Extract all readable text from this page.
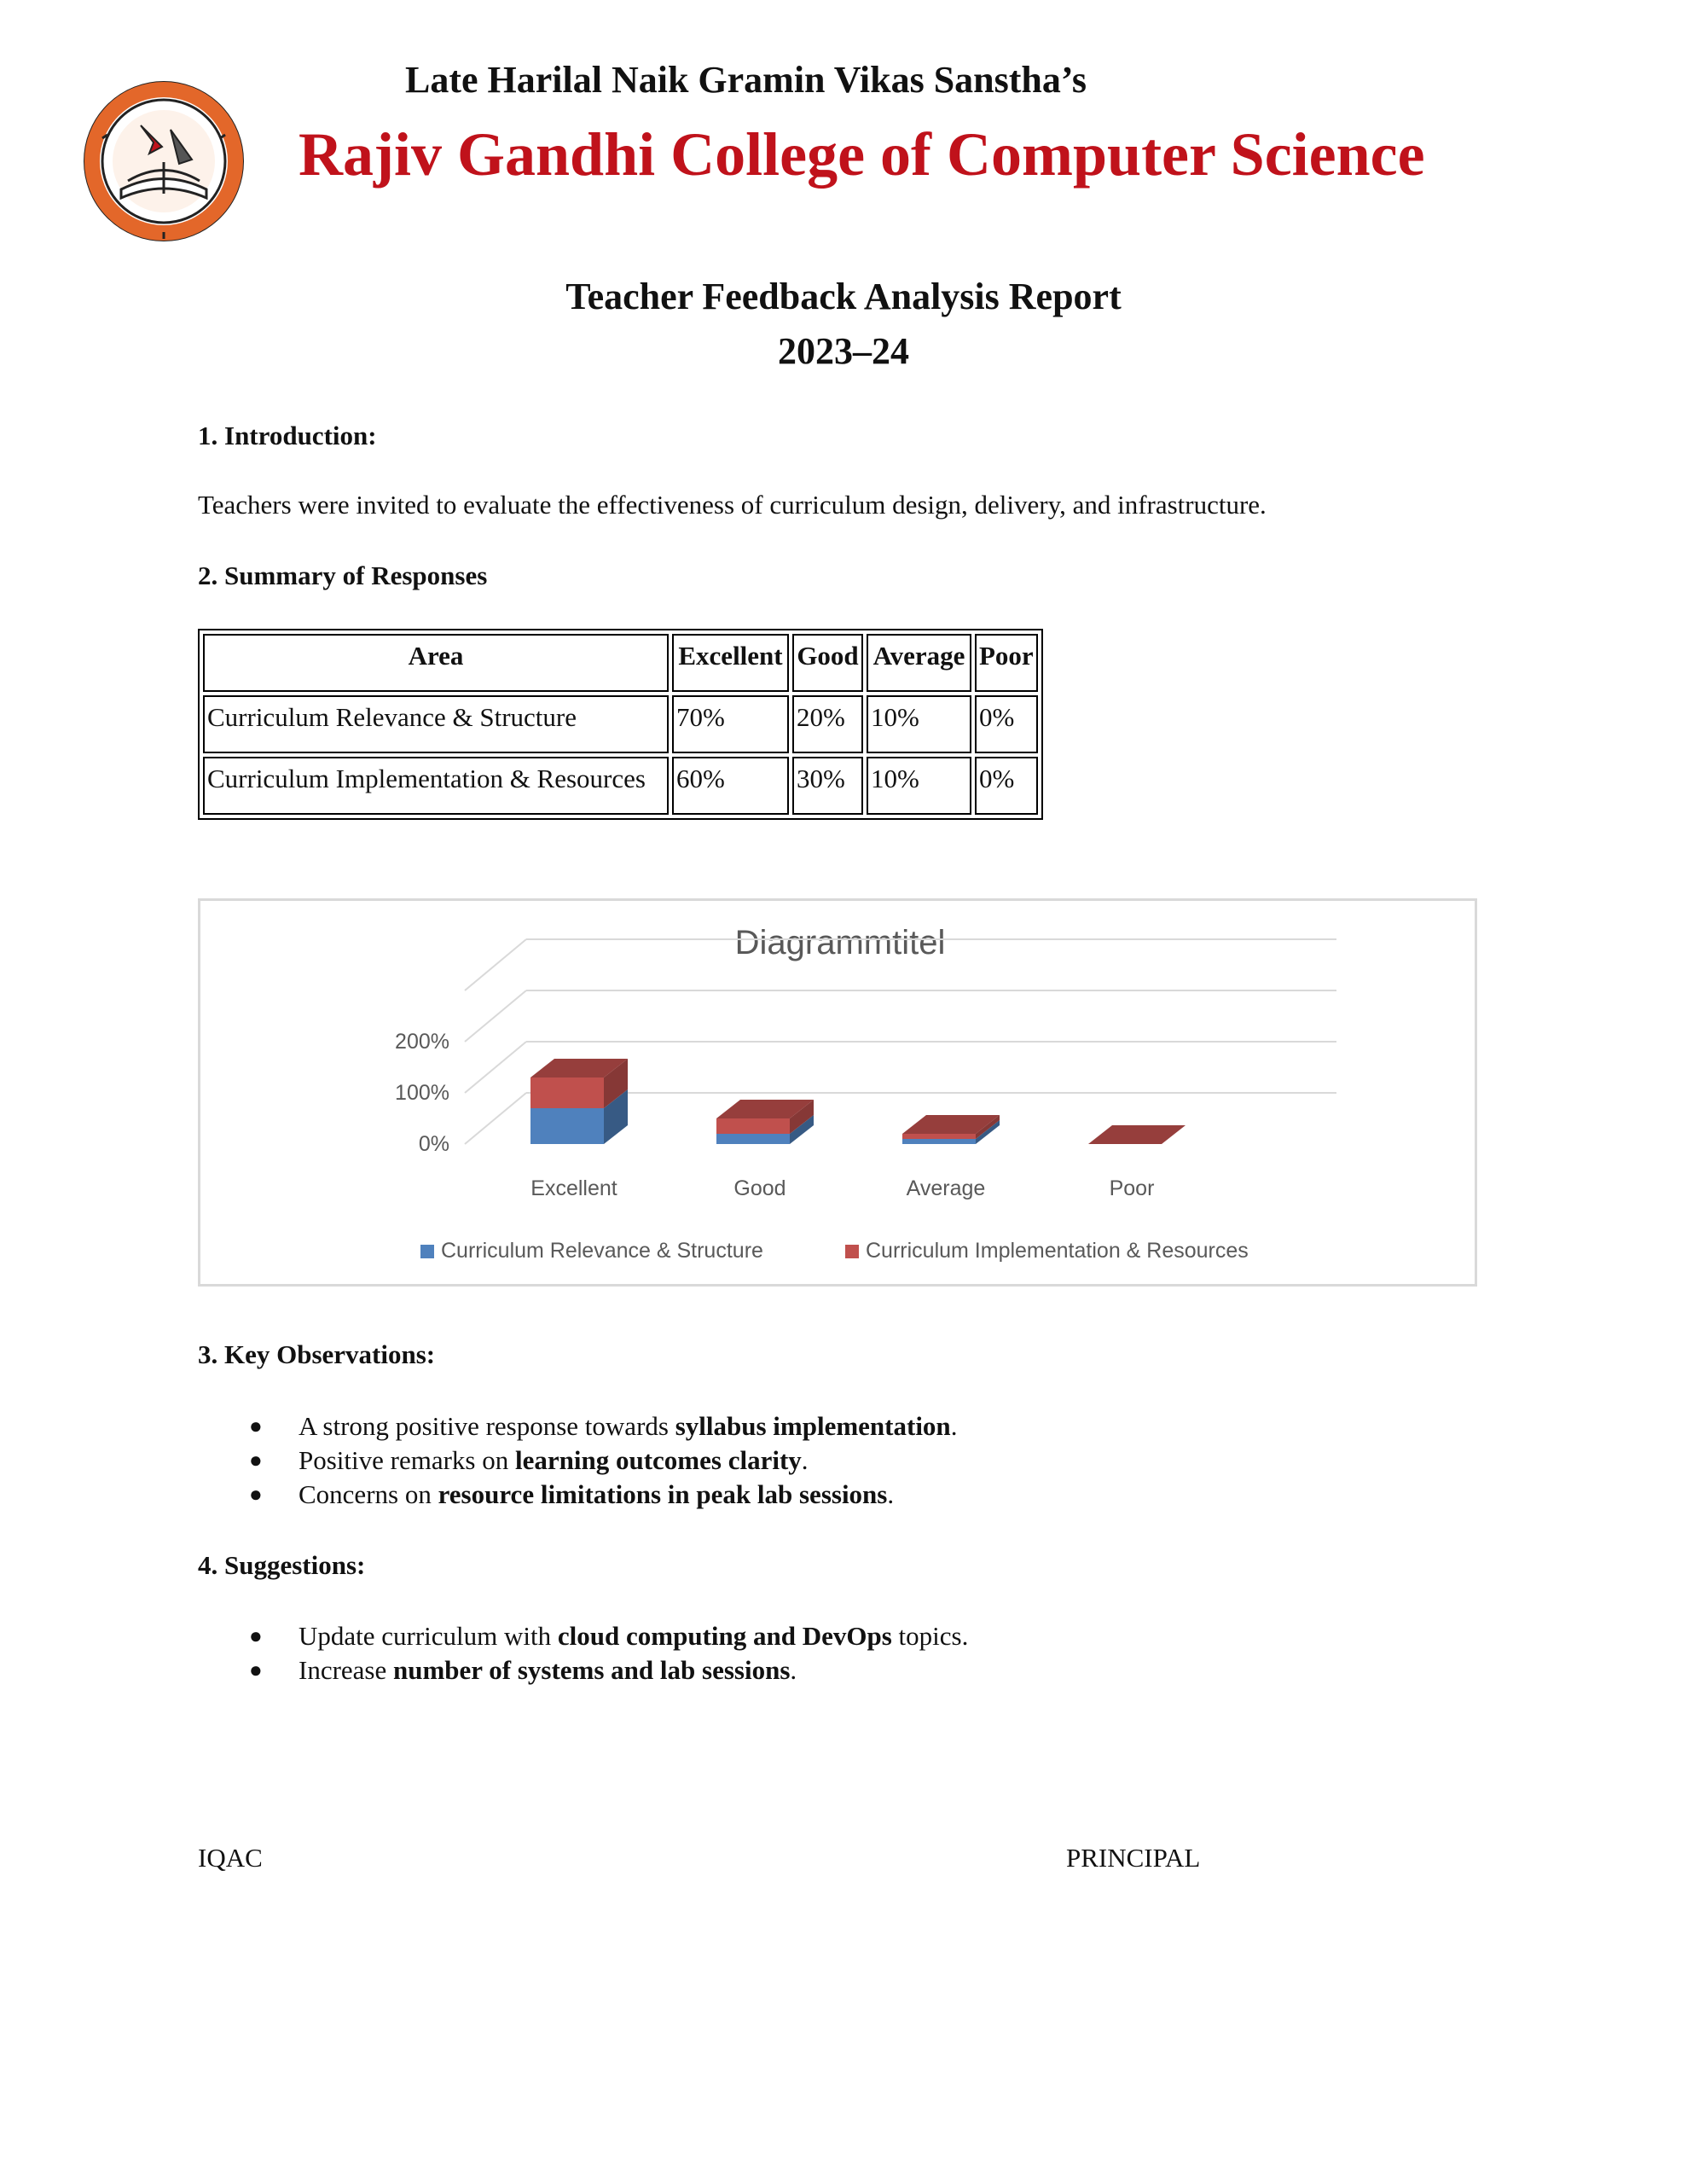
Late Harilal Naik Gramin Vikas Sanstha’s
Rajiv Gandhi College of Computer Science
Teacher Feedback Analysis Report
2023–24
1. Introduction:
Teachers were invited to evaluate the effectiveness of curriculum design, delivery, and infrastructure.
2. Summary of Responses
Area	Excellent	Good	Average	Poor
Curriculum Relevance & Structure	70%	20%	10%	0%
Curriculum Implementation & Resources	60%	30%	10%	0%
Diagrammtitel
0%
100%
200%
Excellent	Good	Average	Poor
Curriculum Relevance & Structure	Curriculum Implementation & Resources
3. Key Observations:
● A strong positive response towards syllabus implementation.
● Positive remarks on learning outcomes clarity.
● Concerns on resource limitations in peak lab sessions.
4. Suggestions:
● Update curriculum with cloud computing and DevOps topics.
● Increase number of systems and lab sessions.
IQAC	PRINCIPAL
